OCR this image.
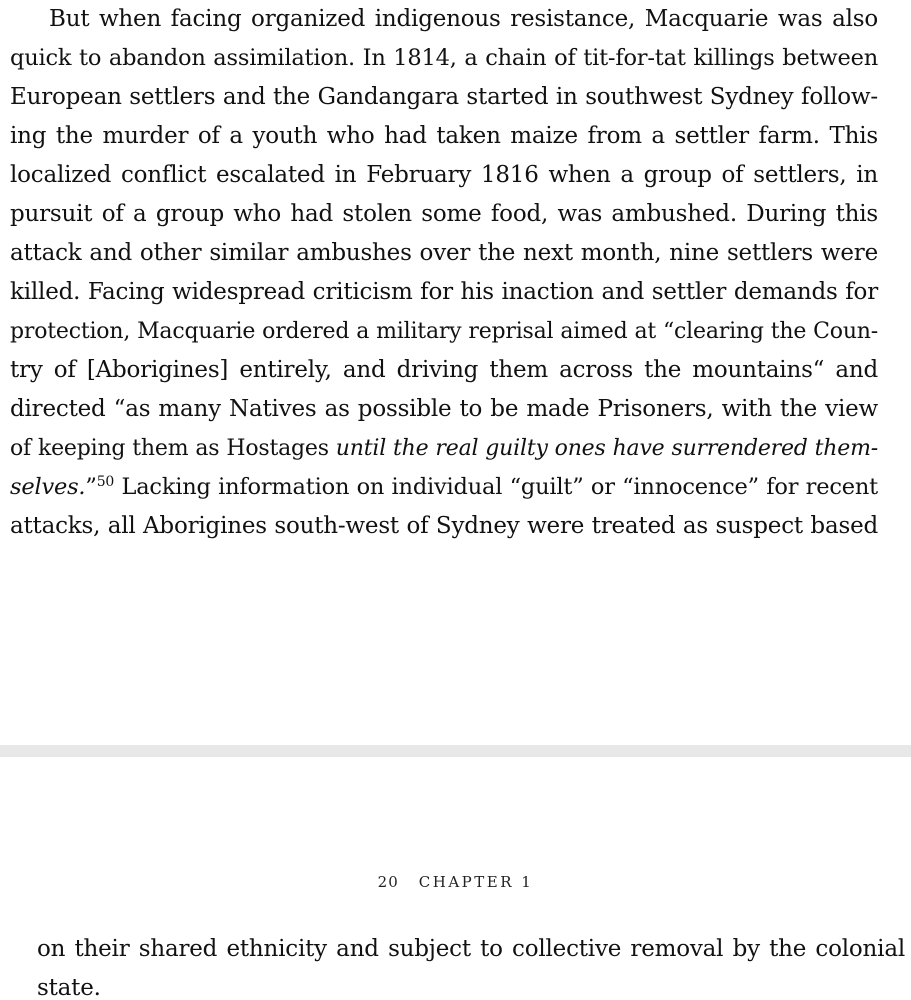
But when facing organized indigenous resistance, Macquarie was also
quick to abandon assimilation. In 1814, a chain of tit-for-tat killings between
European settlers and the Gandangara started in southwest Sydney follow-
ing the murder of a youth who had taken maize from a settler farm. This
localized conflict escalated in February 1816 when a group of settlers, in
pursuit of a group who had stolen some food, was ambushed. During this
attack and other similar ambushes over the next month, nine settlers were
killed. Facing widespread criticism for his inaction and settler demands for
protection, Macquarie ordered a military reprisal aimed at “clearing the Coun-
try of [Aborigines] entirely, and driving them across the mountains“ and
directed “as many Natives as possible to be made Prisoners, with the view
of keeping them as Hostages until the real guilty ones have surrendered them-
selves.”$^{50}$ Lacking information on individual “guilt” or “innocence” for recent
attacks, all Aborigines south-west of Sydney were treated as suspect based
20 CHAPTER 1
on their shared ethnicity and subject to collective removal by the colonial
state.
